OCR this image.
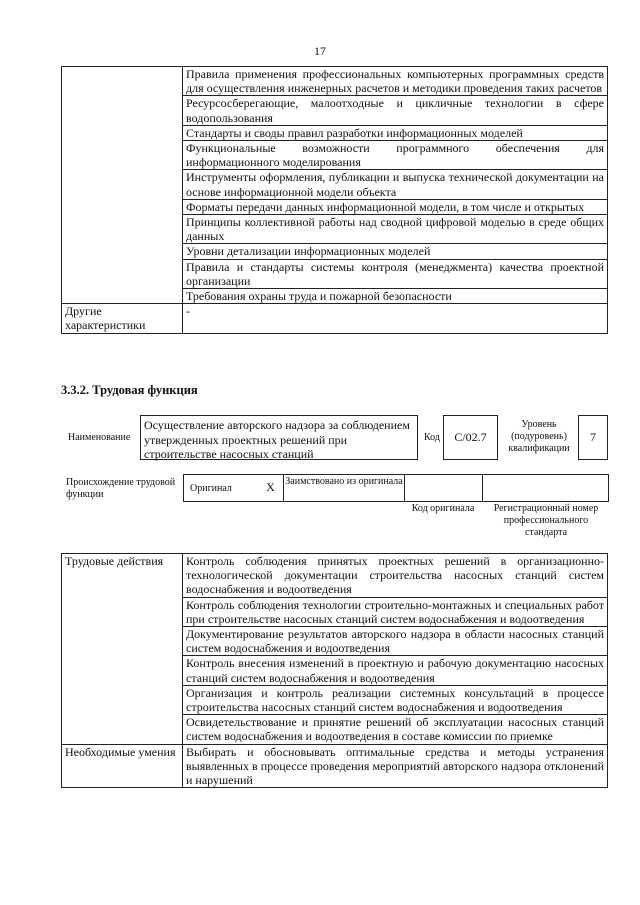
17
	Правила применения профессиональных компьютерных программных средств для осуществления инженерных расчетов и методики проведения таких расчетов
	Ресурсосберегающие, малоотходные и цикличные технологии в сфере водопользования
	Стандарты и своды правил разработки информационных моделей
	Функциональные возможности программного обеспечения для информационного моделирования
	Инструменты оформления, публикации и выпуска технической документации на основе информационной модели объекта
	Форматы передачи данных информационной модели, в том числе и открытых
	Принципы коллективной работы над сводной цифровой моделью в среде общих данных
	Уровни детализации информационных моделей
	Правила и стандарты системы контроля (менеджмента) качества проектной организации
	Требования охраны труда и пожарной безопасности
Другие характеристики	-
3.3.2. Трудовая функция
Наименование
Осуществление авторского надзора за соблюдением утвержденных проектных решений при строительстве насосных станций
Код C/02.7
Уровень (подуровень) квалификации
7
Происхождение трудовой функции
Оригинал	X	Заимствовано из оригинала
Код оригинала	Регистрационный номер профессионального стандарта
Трудовые действия	Контроль соблюдения принятых проектных решений в организационно-технологической документации строительства насосных станций систем водоснабжения и водоотведения
	Контроль соблюдения технологии строительно-монтажных и специальных работ при строительстве насосных станций систем водоснабжения и водоотведения
	Документирование результатов авторского надзора в области насосных станций систем водоснабжения и водоотведения
	Контроль внесения изменений в проектную и рабочую документацию насосных станций систем водоснабжения и водоотведения
	Организация и контроль реализации системных консультаций в процессе строительства насосных станций систем водоснабжения и водоотведения
	Освидетельствование и принятие решений об эксплуатации насосных станций систем водоснабжения и водоотведения в составе комиссии по приемке
Необходимые умения	Выбирать и обосновывать оптимальные средства и методы устранения выявленных в процессе проведения мероприятий авторского надзора отклонений и нарушений
